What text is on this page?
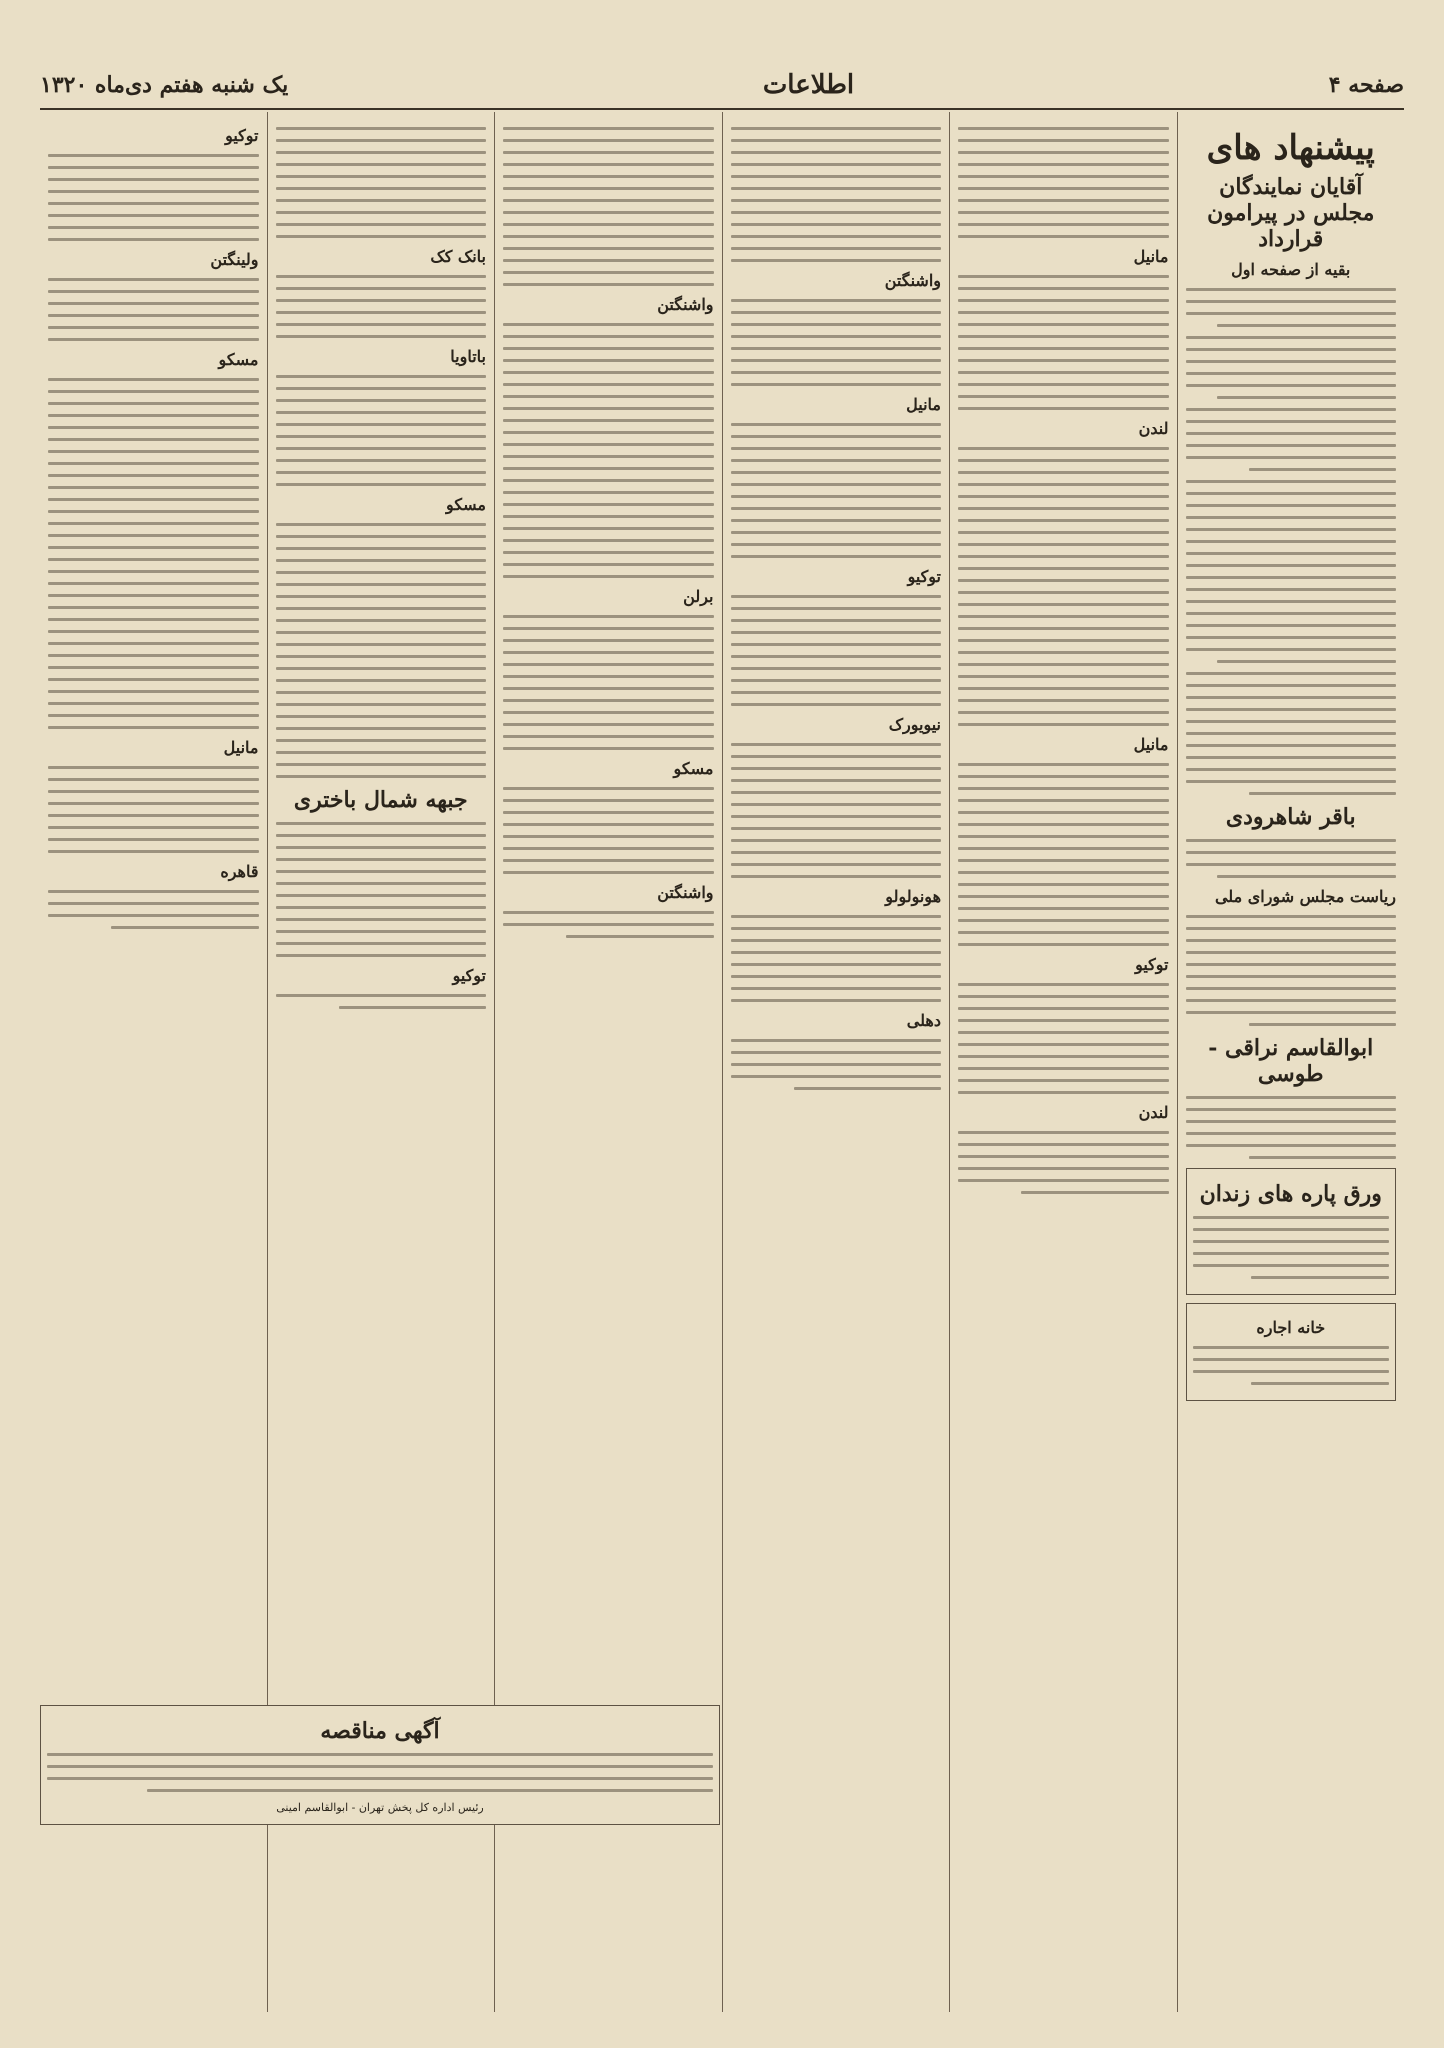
صفحه ۴
اطلاعات
یک شنبه هفتم دی‌ماه ۱۳۲۰
پیشنهاد های
آقایان نمایندگان مجلس در پیرامون قرارداد
بقیه از صفحه اول
باقر شاهرودی
ریاست مجلس شورای ملی
ابوالقاسم نراقی - طوسی
ورق پاره های زندان
خانه اجاره
مانیل
لندن
مانیل
توکیو
لندن
واشنگتن
مانیل
توکیو
نیویورک
هونولولو
دهلی
واشنگتن
برلن
مسکو
واشنگتن
بانک کک
باتاویا
مسکو
جبهه شمال باختری
توکیو
توکیو
ولینگتن
مسکو
مانیل
قاهره
آگهی مناقصه
رئیس اداره کل پخش تهران - ابوالقاسم امینی
